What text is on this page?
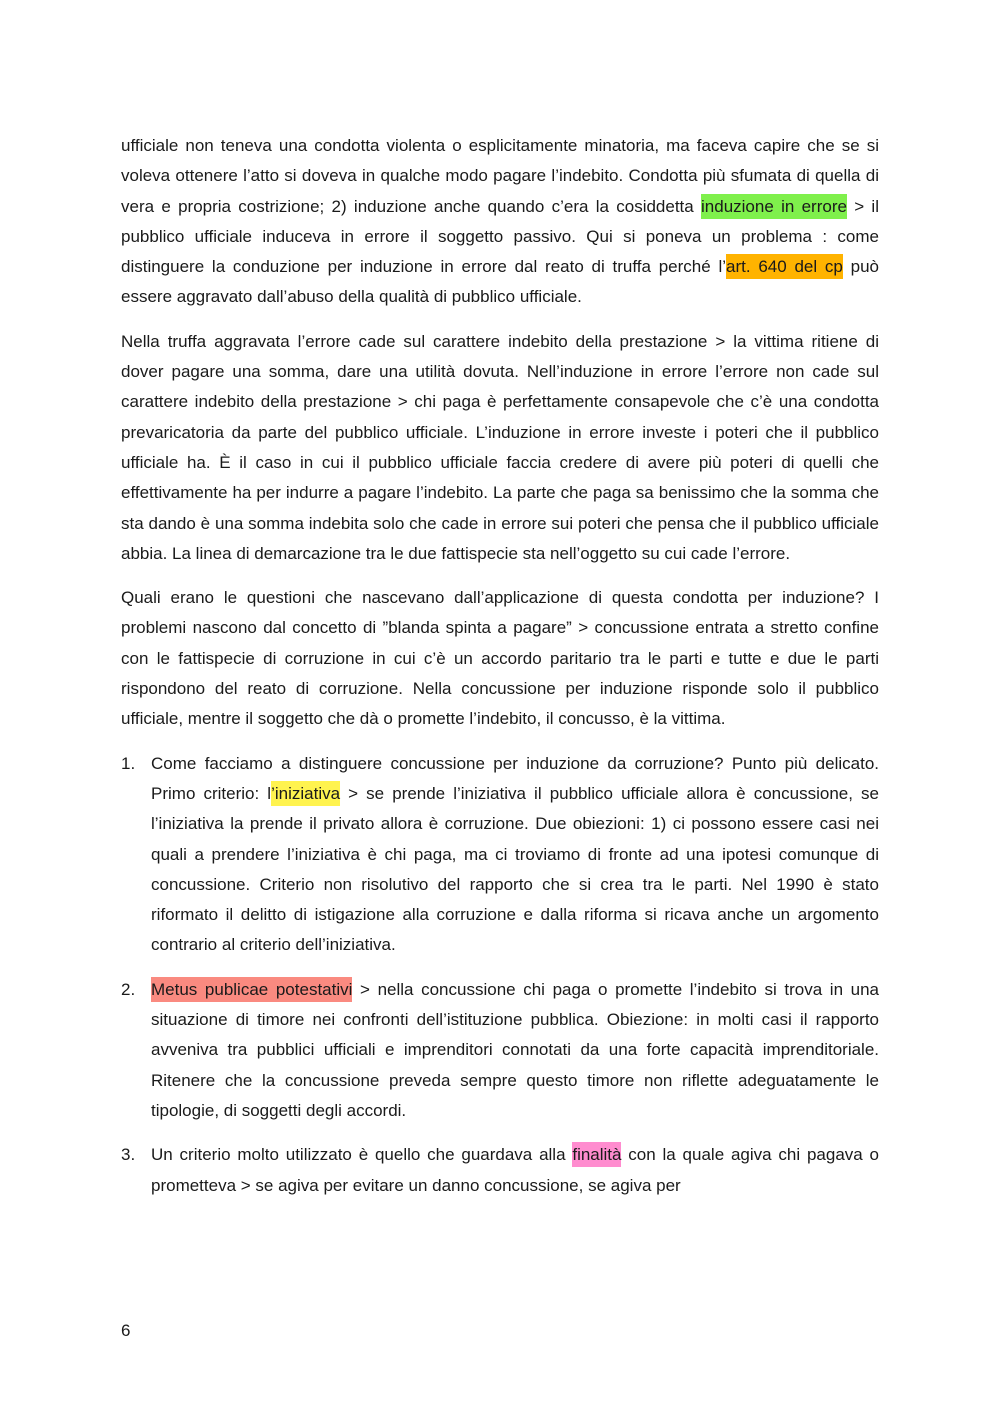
ufficiale non teneva una condotta violenta o esplicitamente minatoria, ma faceva capire che se si voleva ottenere l’atto si doveva in qualche modo pagare l’indebito. Condotta più sfumata di quella di vera e propria costrizione; 2) induzione anche quando c’era la cosiddetta induzione in errore > il pubblico ufficiale induceva in errore il soggetto passivo. Qui si poneva un problema : come distinguere la conduzione per induzione in errore dal reato di truffa perché l’art. 640 del cp può essere aggravato dall’abuso della qualità di pubblico ufficiale.

Nella truffa aggravata l’errore cade sul carattere indebito della prestazione > la vittima ritiene di dover pagare una somma, dare una utilità dovuta. Nell’induzione in errore l’errore non cade sul carattere indebito della prestazione > chi paga è perfettamente consapevole che c’è una condotta prevaricatoria da parte del pubblico ufficiale. L’induzione in errore investe i poteri che il pubblico ufficiale ha. È il caso in cui il pubblico ufficiale faccia credere di avere più poteri di quelli che effettivamente ha per indurre a pagare l’indebito. La parte che paga sa benissimo che la somma che sta dando è una somma indebita solo che cade in errore sui poteri che pensa che il pubblico ufficiale abbia. La linea di demarcazione tra le due fattispecie sta nell’oggetto su cui cade l’errore.

Quali erano le questioni che nascevano dall’applicazione di questa condotta per induzione? I problemi nascono dal concetto di ”blanda spinta a pagare” > concussione entrata a stretto confine con le fattispecie di corruzione in cui c’è un accordo paritario tra le parti e tutte e due le parti rispondono del reato di corruzione. Nella concussione per induzione risponde solo il pubblico ufficiale, mentre il soggetto che dà o promette l’indebito, il concusso, è la vittima.

1. Come facciamo a distinguere concussione per induzione da corruzione? Punto più delicato. Primo criterio: l’iniziativa > se prende l’iniziativa il pubblico ufficiale allora è concussione, se l’iniziativa la prende il privato allora è corruzione. Due obiezioni: 1) ci possono essere casi nei quali a prendere l’iniziativa è chi paga, ma ci troviamo di fronte ad una ipotesi comunque di concussione. Criterio non risolutivo del rapporto che si crea tra le parti. Nel 1990 è stato riformato il delitto di istigazione alla corruzione e dalla riforma si ricava anche un argomento contrario al criterio dell’iniziativa.
2. Metus publicae potestativi > nella concussione chi paga o promette l’indebito si trova in una situazione di timore nei confronti dell’istituzione pubblica. Obiezione: in molti casi il rapporto avveniva tra pubblici ufficiali e imprenditori connotati da una forte capacità imprenditoriale. Ritenere che la concussione preveda sempre questo timore non riflette adeguatamente le tipologie, di soggetti degli accordi.
3. Un criterio molto utilizzato è quello che guardava alla finalità con la quale agiva chi pagava o prometteva > se agiva per evitare un danno concussione, se agiva per
6
